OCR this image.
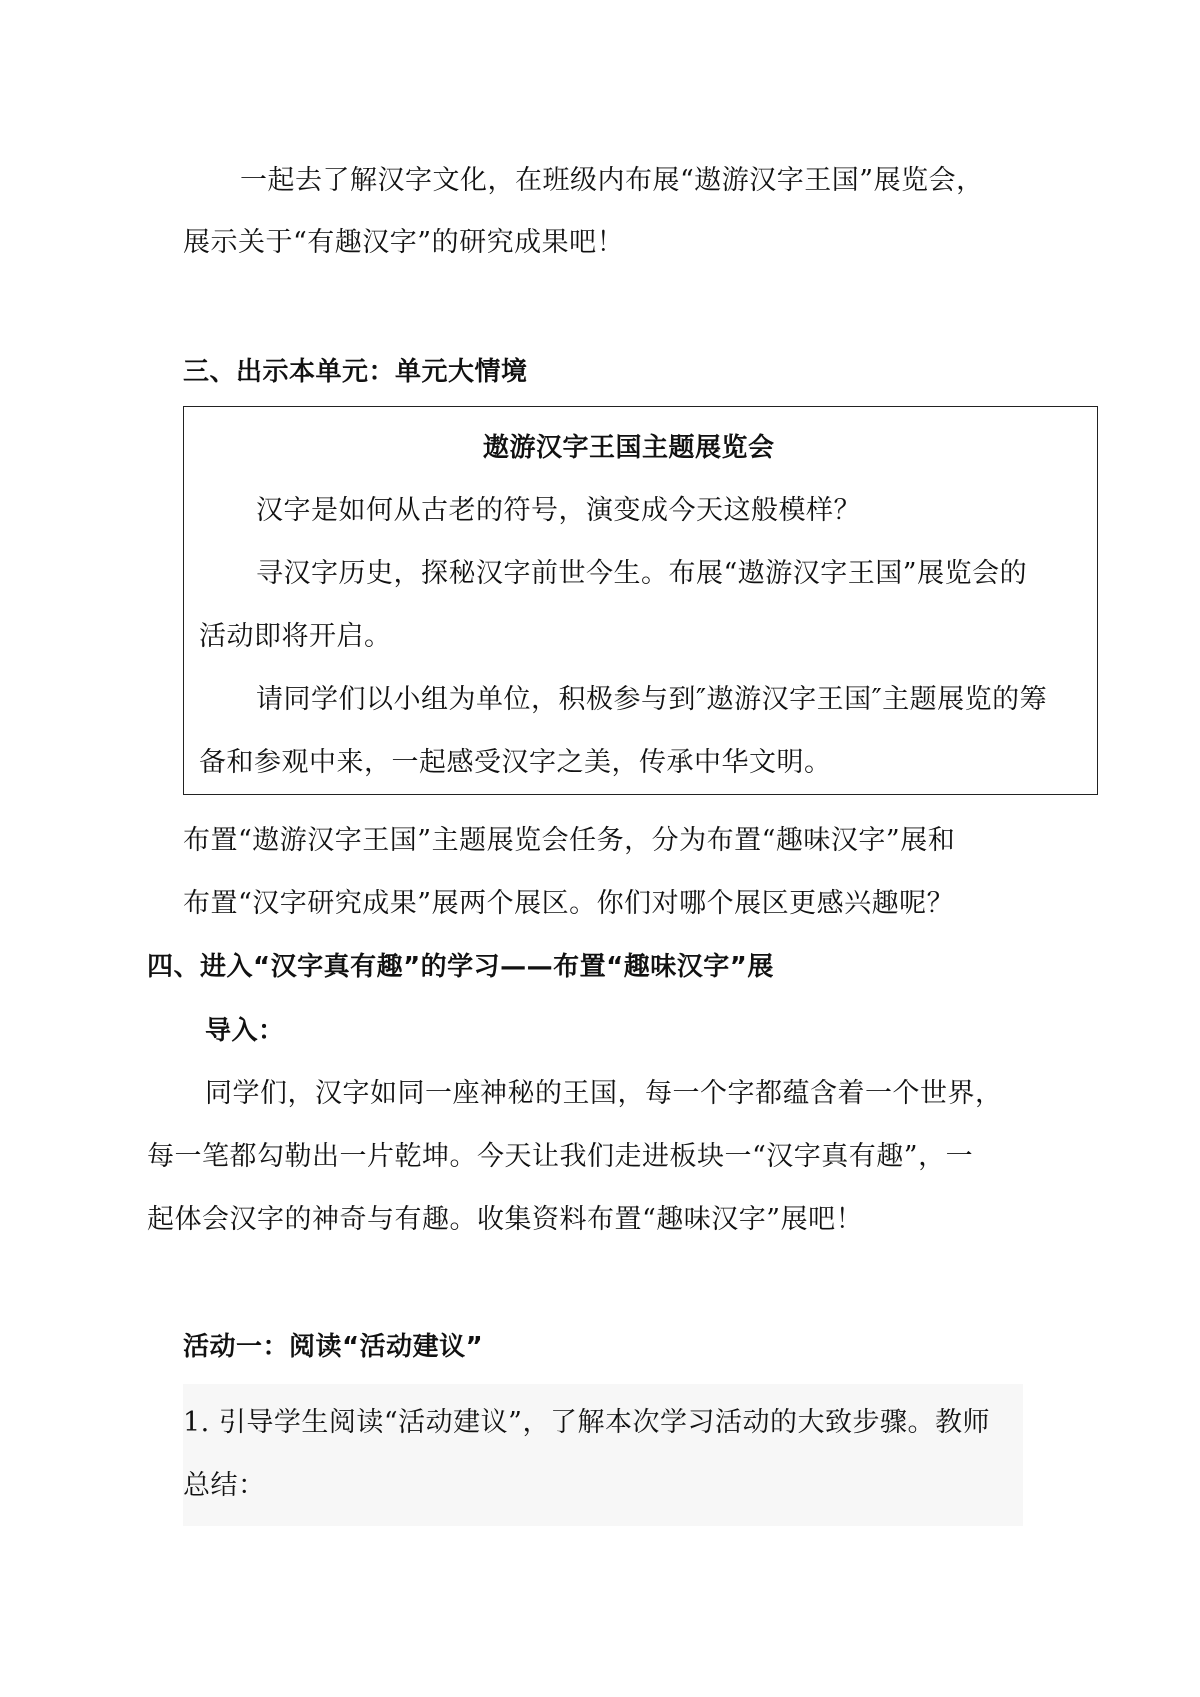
一起去了解汉字文化，在班级内布展“遨游汉字王国”展览会，
展示关于“有趣汉字”的研究成果吧！
三、出示本单元：单元大情境
遨游汉字王国主题展览会
汉字是如何从古老的符号，演变成今天这般模样？
寻汉字历史，探秘汉字前世今生。布展“遨游汉字王国”展览会的
活动即将开启。
请同学们以小组为单位，积极参与到″遨游汉字王国″主题展览的筹
备和参观中来，一起感受汉字之美，传承中华文明。
布置“遨游汉字王国”主题展览会任务，分为布置“趣味汉字”展和
布置“汉字研究成果”展两个展区。你们对哪个展区更感兴趣呢？
四、进入“汉字真有趣”的学习——布置“趣味汉字”展
导入：
同学们，汉字如同一座神秘的王国，每一个字都蕴含着一个世界，
每一笔都勾勒出一片乾坤。今天让我们走进板块一“汉字真有趣”，一
起体会汉字的神奇与有趣。收集资料布置“趣味汉字”展吧！
活动一：阅读“活动建议”
1. 引导学生阅读“活动建议”，了解本次学习活动的大致步骤。教师
总结：
